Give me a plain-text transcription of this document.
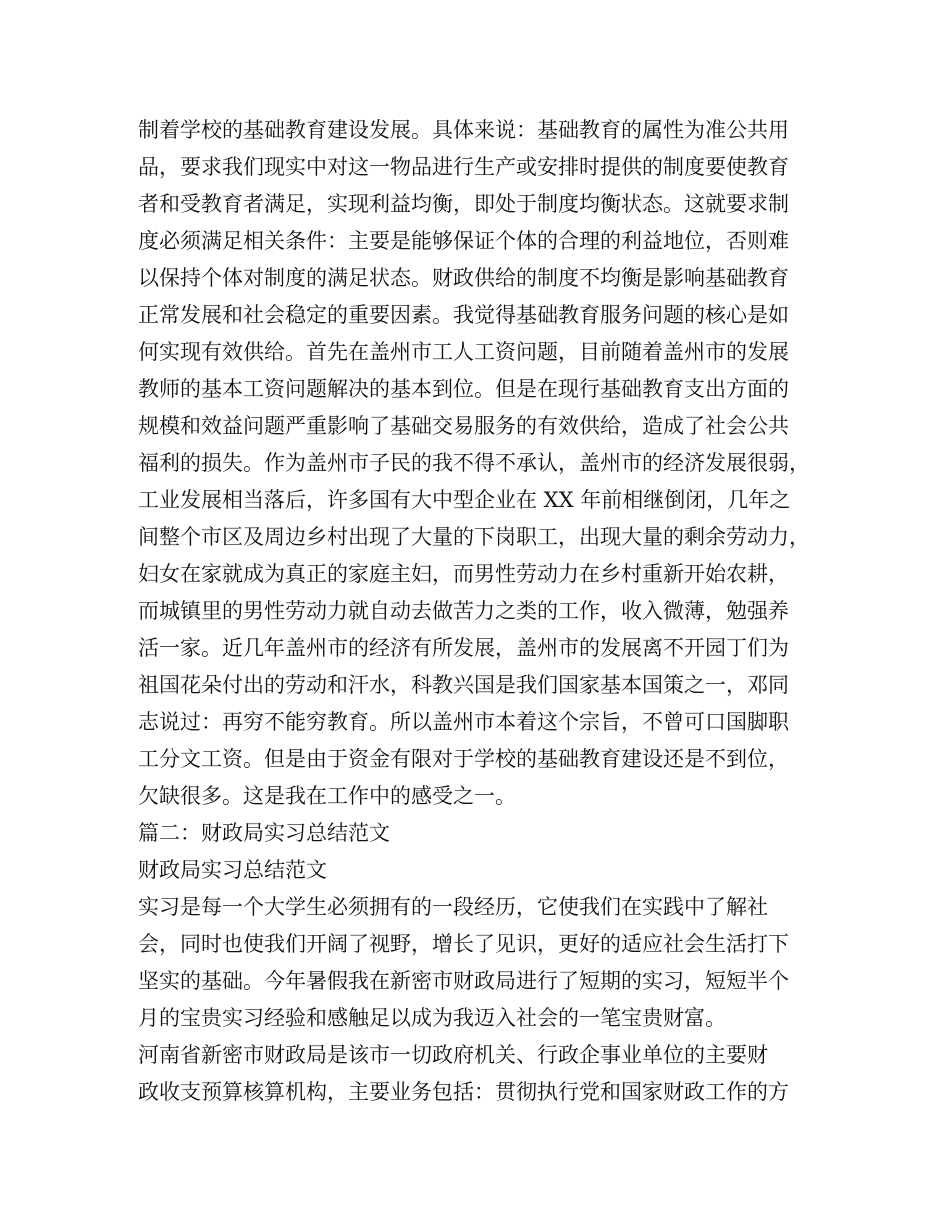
制着学校的基础教育建设发展。具体来说：基础教育的属性为准公共用
品，要求我们现实中对这一物品进行生产或安排时提供的制度要使教育
者和受教育者满足，实现利益均衡，即处于制度均衡状态。这就要求制
度必须满足相关条件：主要是能够保证个体的合理的利益地位，否则难
以保持个体对制度的满足状态。财政供给的制度不均衡是影响基础教育
正常发展和社会稳定的重要因素。我觉得基础教育服务问题的核心是如
何实现有效供给。首先在盖州市工人工资问题，目前随着盖州市的发展
教师的基本工资问题解决的基本到位。但是在现行基础教育支出方面的
规模和效益问题严重影响了基础交易服务的有效供给，造成了社会公共
福利的损失。作为盖州市子民的我不得不承认，盖州市的经济发展很弱，
工业发展相当落后，许多国有大中型企业在 XX 年前相继倒闭，几年之
间整个市区及周边乡村出现了大量的下岗职工，出现大量的剩余劳动力，
妇女在家就成为真正的家庭主妇，而男性劳动力在乡村重新开始农耕，
而城镇里的男性劳动力就自动去做苦力之类的工作，收入微薄，勉强养
活一家。近几年盖州市的经济有所发展，盖州市的发展离不开园丁们为
祖国花朵付出的劳动和汗水，科教兴国是我们国家基本国策之一，邓同
志说过：再穷不能穷教育。所以盖州市本着这个宗旨，不曾可口国脚职
工分文工资。但是由于资金有限对于学校的基础教育建设还是不到位，
欠缺很多。这是我在工作中的感受之一。
篇二：财政局实习总结范文
财政局实习总结范文
实习是每一个大学生必须拥有的一段经历，它使我们在实践中了解社
会，同时也使我们开阔了视野，增长了见识，更好的适应社会生活打下
坚实的基础。今年暑假我在新密市财政局进行了短期的实习，短短半个
月的宝贵实习经验和感触足以成为我迈入社会的一笔宝贵财富。
河南省新密市财政局是该市一切政府机关、行政企事业单位的主要财
政收支预算核算机构，主要业务包括：贯彻执行党和国家财政工作的方
